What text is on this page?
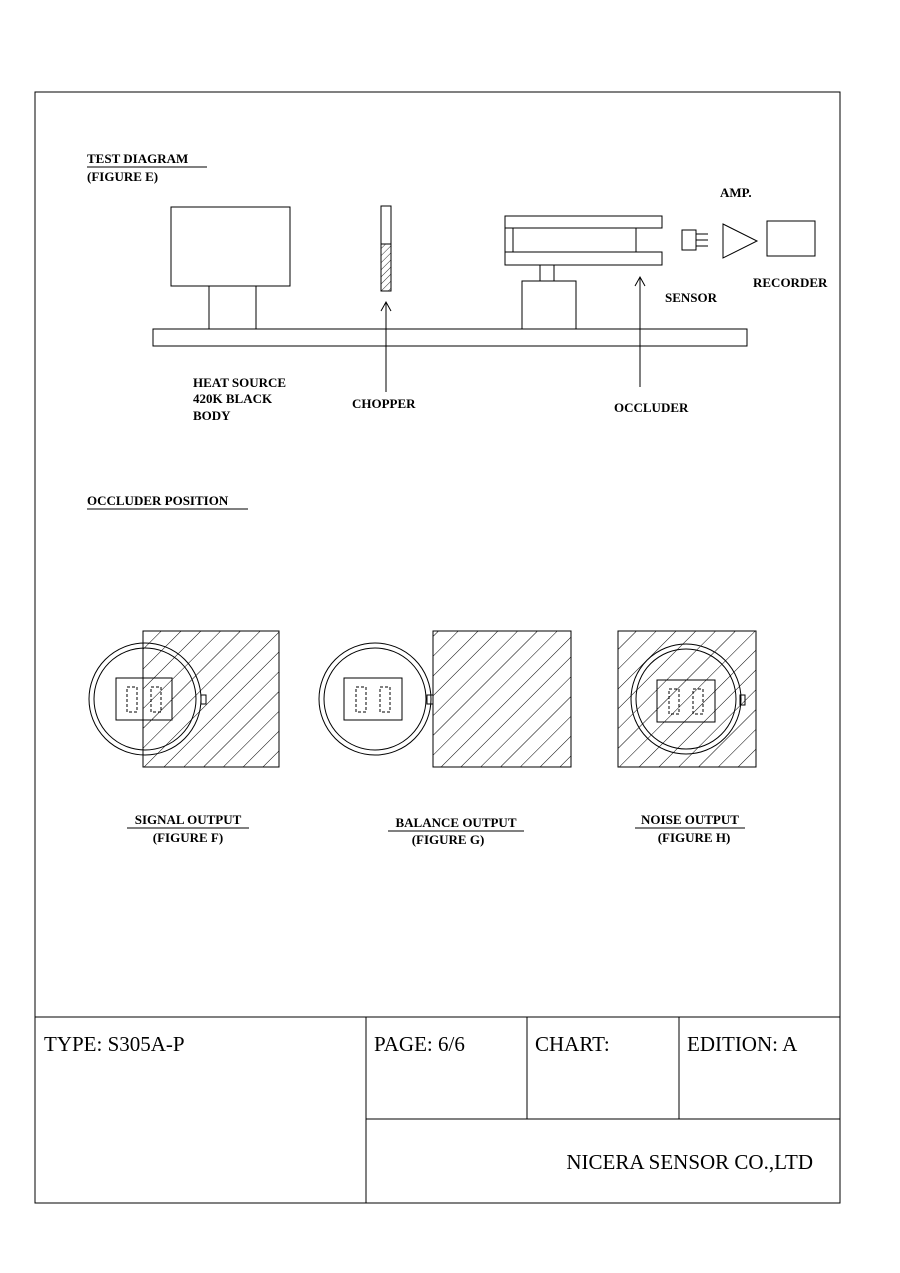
TEST DIAGRAM
(FIGURE E)
AMP.
RECORDER
SENSOR
HEAT SOURCE
420K BLACK
BODY
CHOPPER	OCCLUDER
OCCLUDER POSITION
SIGNAL OUTPUT
(FIGURE F)
BALANCE OUTPUT
(FIGURE G)
NOISE OUTPUT
(FIGURE H)
TYPE: S305A-P	PAGE: 6/6	CHART:	EDITION: A
NICERA SENSOR CO.,LTD
